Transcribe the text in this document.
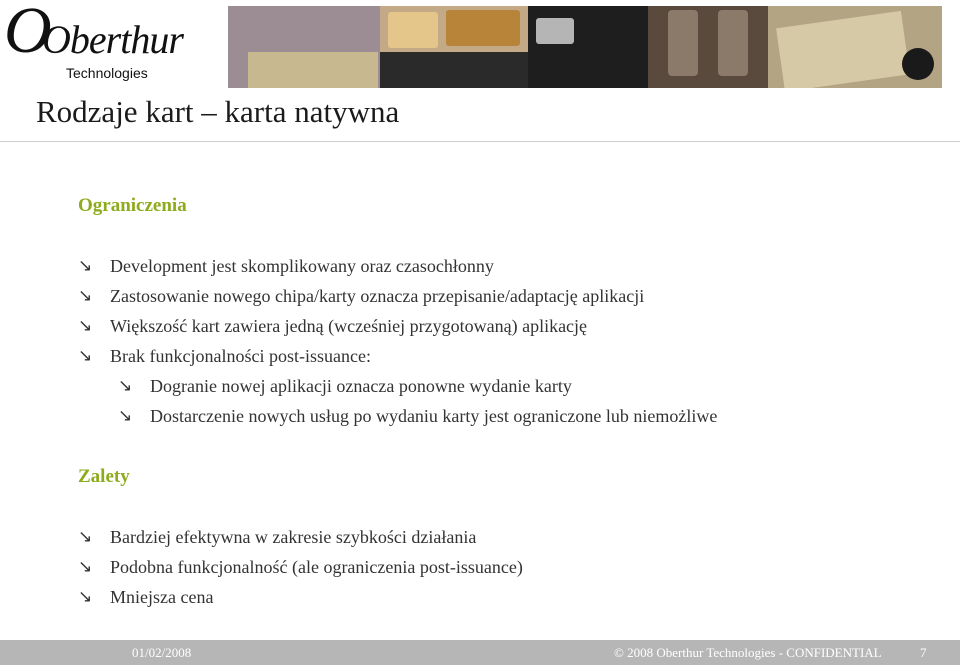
O
Oberthur
Technologies
Rodzaje kart – karta natywna
Ograniczenia
↘ Development jest skomplikowany oraz czasochłonny
↘ Zastosowanie nowego chipa/karty oznacza przepisanie/adaptację aplikacji
↘ Większość kart zawiera jedną (wcześniej przygotowaną) aplikację
↘ Brak funkcjonalności post-issuance:
↘ Dogranie nowej aplikacji oznacza ponowne wydanie karty
↘ Dostarczenie nowych usług po wydaniu karty jest ograniczone lub niemożliwe
Zalety
↘ Bardziej efektywna w zakresie szybkości działania
↘ Podobna funkcjonalność (ale ograniczenia post-issuance)
↘ Mniejsza cena
01/02/2008	© 2008 Oberthur Technologies - CONFIDENTIAL	7
